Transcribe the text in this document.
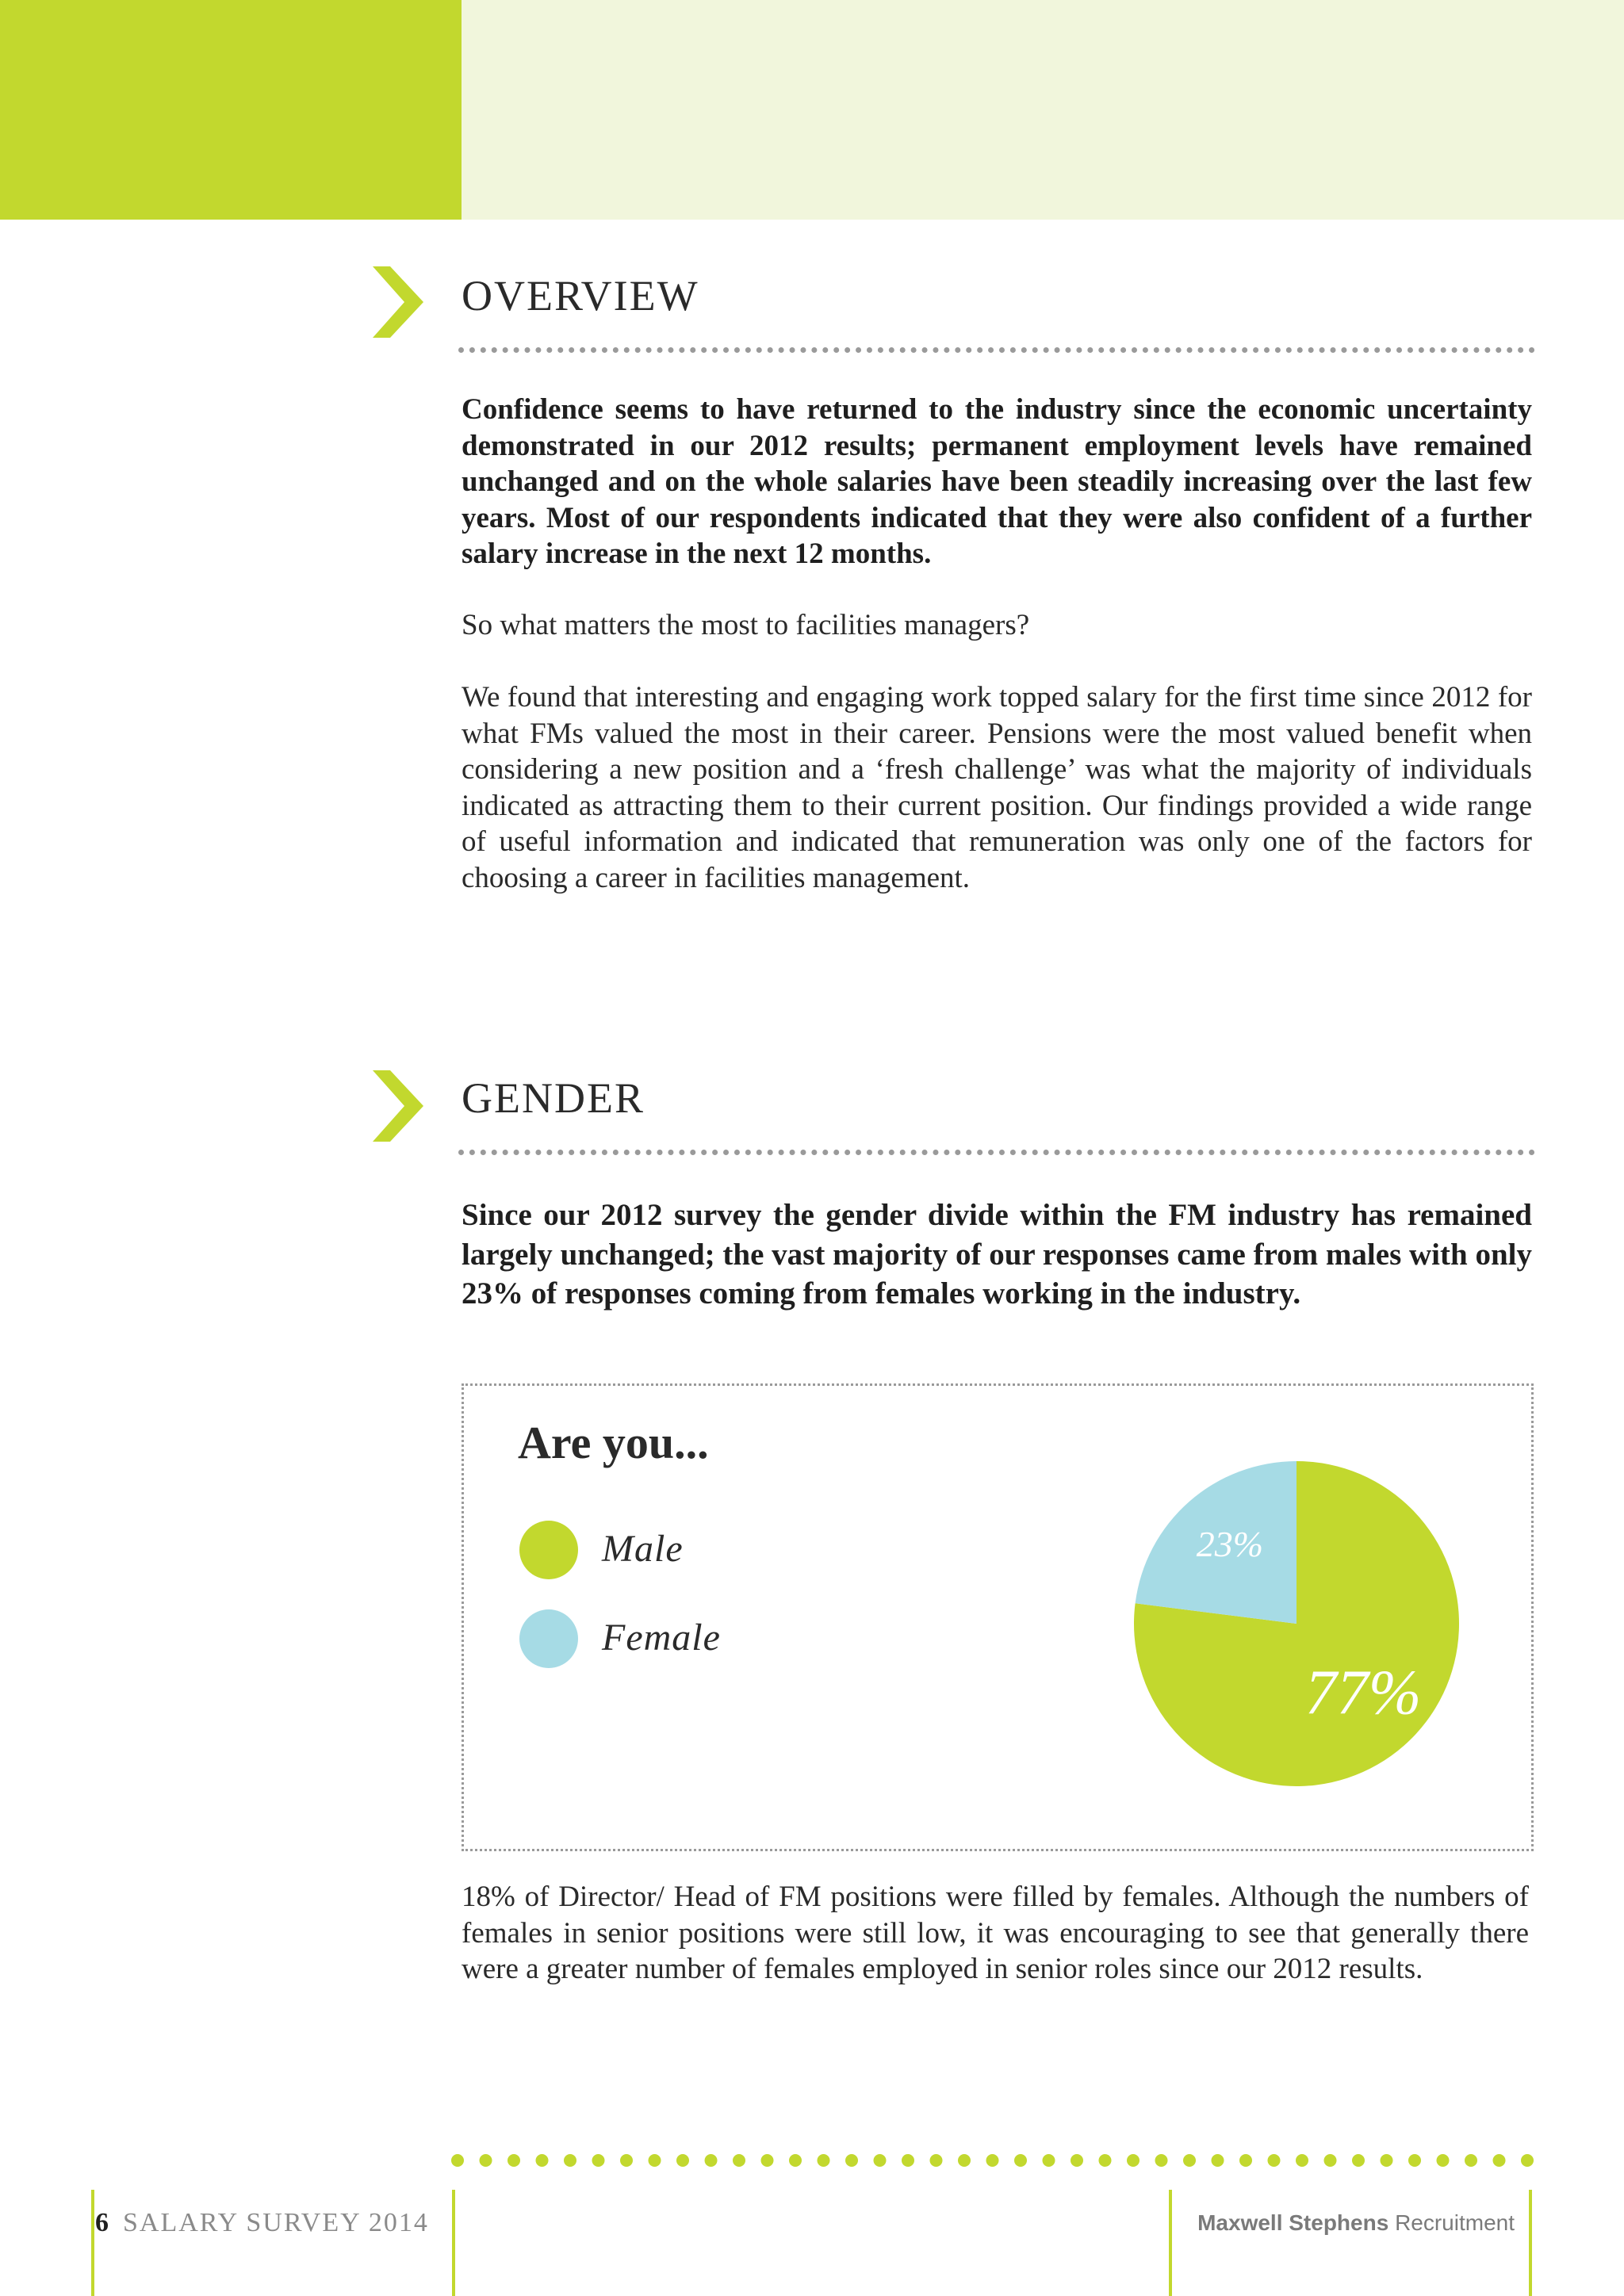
OVERVIEW

Confidence seems to have returned to the industry since the economic uncertainty demonstrated in our 2012 results; permanent employment levels have remained unchanged and on the whole salaries have been steadily increasing over the last few years. Most of our respondents indicated that they were also confident of a further salary increase in the next 12 months.

So what matters the most to facilities managers?

We found that interesting and engaging work topped salary for the first time since 2012 for what FMs valued the most in their career. Pensions were the most valued benefit when considering a new position and a ‘fresh challenge’ was what the majority of individuals indicated as attracting them to their current position. Our findings provided a wide range of useful information and indicated that remuneration was only one of the factors for choosing a career in facilities management.

GENDER

Since our 2012 survey the gender divide within the FM industry has remained largely unchanged; the vast majority of our responses came from males with only 23% of responses coming from females working in the industry.

Are you...
Male
Female
77%
23%

18% of Director/ Head of FM positions were filled by females. Although the numbers of females in senior positions were still low, it was encouraging to see that generally there were a greater number of females employed in senior roles since our 2012 results.

6 SALARY SURVEY 2014	Maxwell Stephens Recruitment
